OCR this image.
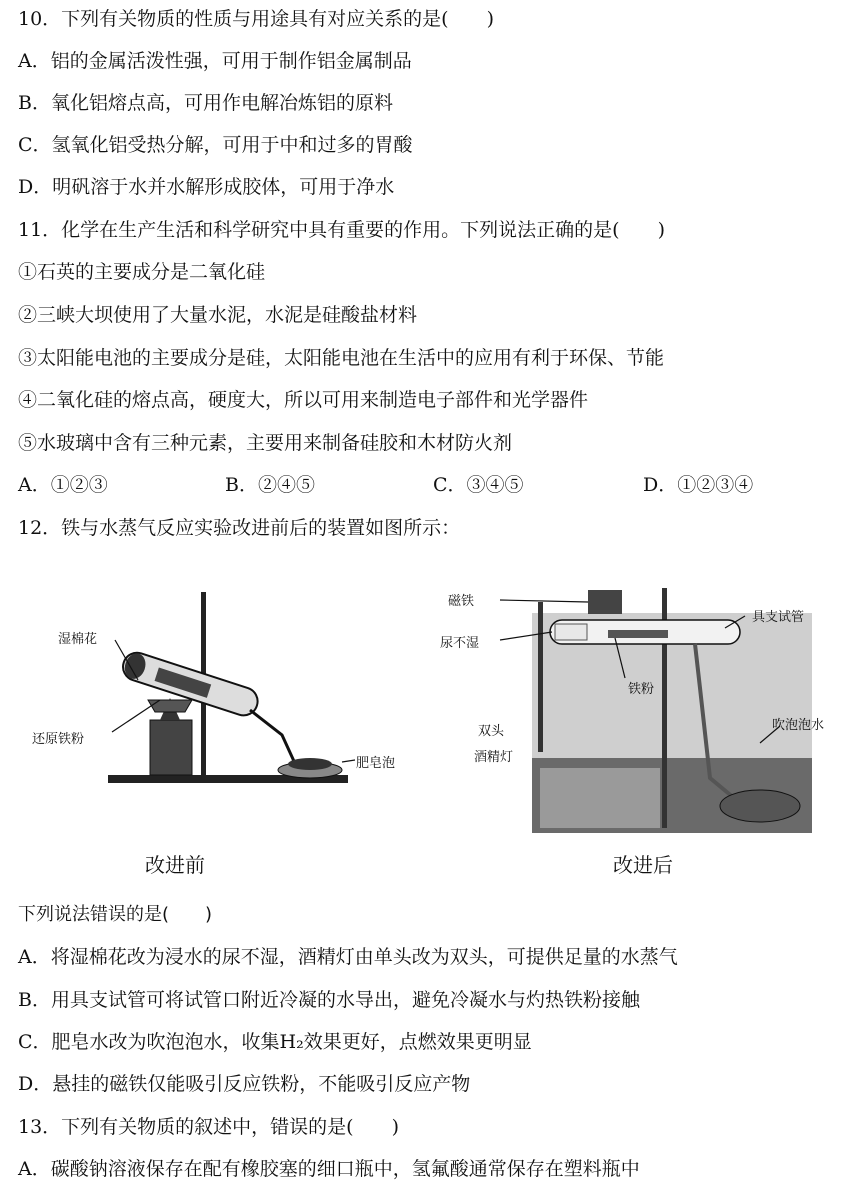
10．下列有关物质的性质与用途具有对应关系的是(　　)
A．铝的金属活泼性强，可用于制作铝金属制品
B．氧化铝熔点高，可用作电解冶炼铝的原料
C．氢氧化铝受热分解，可用于中和过多的胃酸
D．明矾溶于水并水解形成胶体，可用于净水
11．化学在生产生活和科学研究中具有重要的作用。下列说法正确的是(　　)
①石英的主要成分是二氧化硅
②三峡大坝使用了大量水泥，水泥是硅酸盐材料
③太阳能电池的主要成分是硅，太阳能电池在生活中的应用有利于环保、节能
④二氧化硅的熔点高，硬度大，所以可用来制造电子部件和光学器件
⑤水玻璃中含有三种元素，主要用来制备硅胶和木材防火剂
A．①②③	B．②④⑤	C．③④⑤	D．①②③④
12．铁与水蒸气反应实验改进前后的装置如图所示：
湿棉花
还原铁粉
肥皂泡
磁铁
尿不湿
具支试管
铁粉
双头
酒精灯
吹泡泡水
改进前	改进后
下列说法错误的是(　　)
A．将湿棉花改为浸水的尿不湿，酒精灯由单头改为双头，可提供足量的水蒸气
B．用具支试管可将试管口附近冷凝的水导出，避免冷凝水与灼热铁粉接触
C．肥皂水改为吹泡泡水，收集H₂效果更好，点燃效果更明显
D．悬挂的磁铁仅能吸引反应铁粉，不能吸引反应产物
13．下列有关物质的叙述中，错误的是(　　)
A．碳酸钠溶液保存在配有橡胶塞的细口瓶中，氢氟酸通常保存在塑料瓶中
